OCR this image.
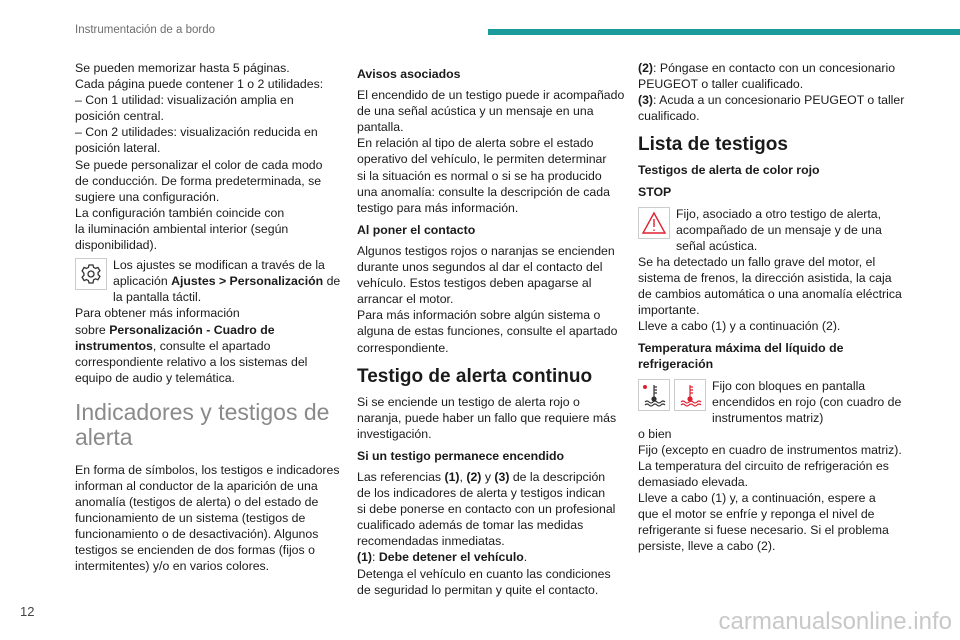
Instrumentación de a bordo
Se pueden memorizar hasta 5 páginas.
Cada página puede contener 1 o 2 utilidades:
– Con 1 utilidad: visualización amplia en
posición central.
– Con 2 utilidades: visualización reducida en
posición lateral.
Se puede personalizar el color de cada modo
de conducción. De forma predeterminada, se
sugiere una configuración.
La configuración también coincide con
la iluminación ambiental interior (según
disponibilidad).
Los ajustes se modifican a través de la
aplicación Ajustes > Personalización de
la pantalla táctil.
Para obtener más información
sobre Personalización - Cuadro de
instrumentos, consulte el apartado
correspondiente relativo a los sistemas del
equipo de audio y telemática.
Indicadores y testigos de
alerta
En forma de símbolos, los testigos e indicadores
informan al conductor de la aparición de una
anomalía (testigos de alerta) o del estado de
funcionamiento de un sistema (testigos de
funcionamiento o de desactivación). Algunos
testigos se encienden de dos formas (fijos o
intermitentes) y/o en varios colores.
Avisos asociados
El encendido de un testigo puede ir acompañado
de una señal acústica y un mensaje en una
pantalla.
En relación al tipo de alerta sobre el estado
operativo del vehículo, le permiten determinar
si la situación es normal o si se ha producido
una anomalía: consulte la descripción de cada
testigo para más información.
Al poner el contacto
Algunos testigos rojos o naranjas se encienden
durante unos segundos al dar el contacto del
vehículo. Estos testigos deben apagarse al
arrancar el motor.
Para más información sobre algún sistema o
alguna de estas funciones, consulte el apartado
correspondiente.
Testigo de alerta continuo
Si se enciende un testigo de alerta rojo o
naranja, puede haber un fallo que requiere más
investigación.
Si un testigo permanece encendido
Las referencias (1), (2) y (3) de la descripción
de los indicadores de alerta y testigos indican
si debe ponerse en contacto con un profesional
cualificado además de tomar las medidas
recomendadas inmediatas.
(1): Debe detener el vehículo.
Detenga el vehículo en cuanto las condiciones
de seguridad lo permitan y quite el contacto.
(2): Póngase en contacto con un concesionario
PEUGEOT o taller cualificado.
(3): Acuda a un concesionario PEUGEOT o taller
cualificado.
Lista de testigos
Testigos de alerta de color rojo
STOP
Fijo, asociado a otro testigo de alerta,
acompañado de un mensaje y de una
señal acústica.
Se ha detectado un fallo grave del motor, el
sistema de frenos, la dirección asistida, la caja
de cambios automática o una anomalía eléctrica
importante.
Lleve a cabo (1) y a continuación (2).
Temperatura máxima del líquido de
refrigeración
Fijo con bloques en pantalla
encendidos en rojo (con cuadro de
instrumentos matriz)
o bien
Fijo (excepto en cuadro de instrumentos matriz).
La temperatura del circuito de refrigeración es
demasiado elevada.
Lleve a cabo (1) y, a continuación, espere a
que el motor se enfríe y reponga el nivel de
refrigerante si fuese necesario. Si el problema
persiste, lleve a cabo (2).
12	carmanualsonline.info
